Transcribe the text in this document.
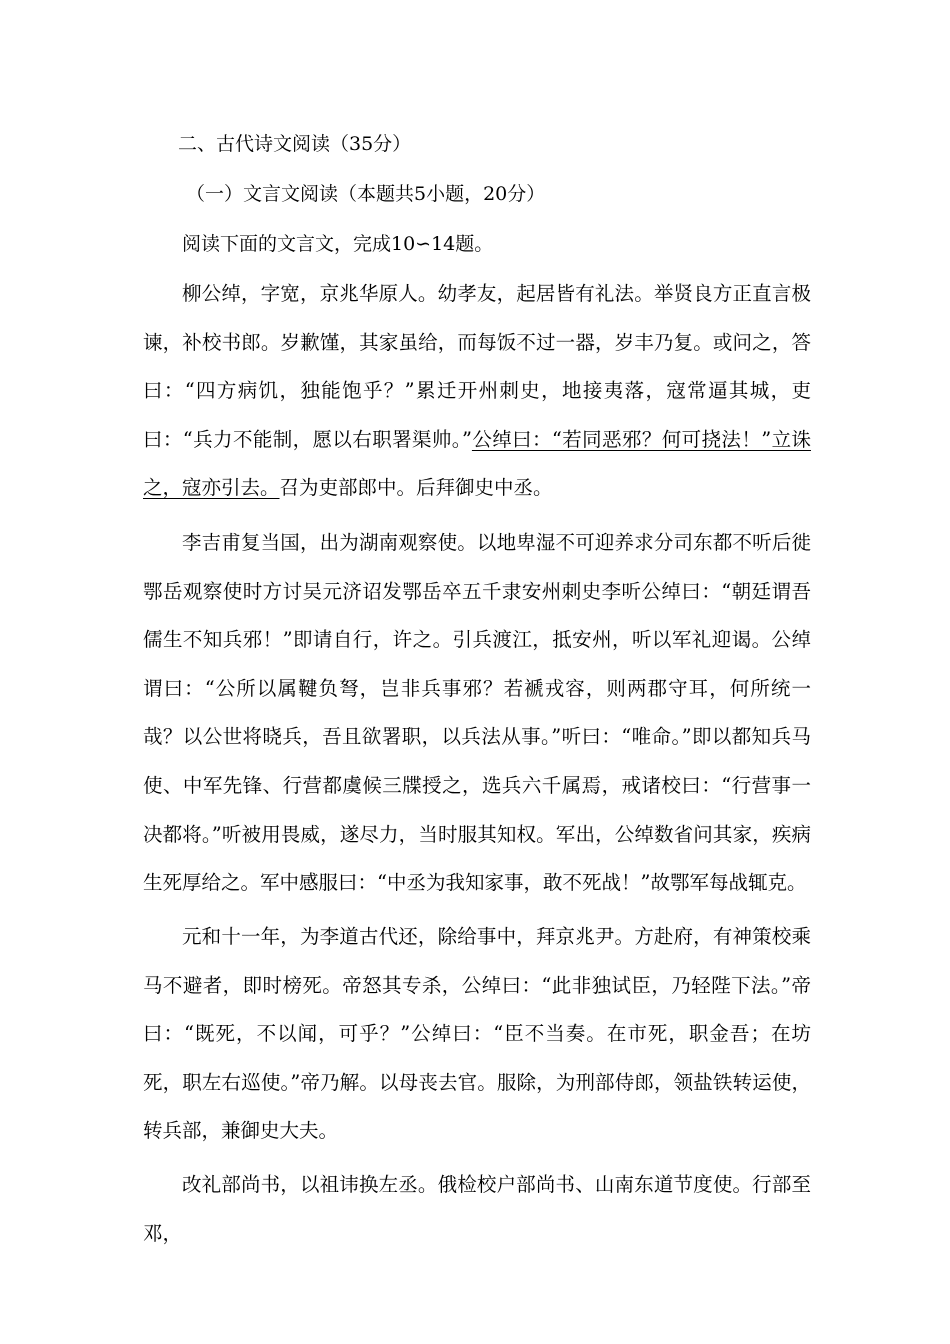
二、古代诗文阅读（35分）
（一）文言文阅读（本题共5小题，20分）
阅读下面的文言文，完成10∽14题。

柳公绰，字宽，京兆华原人。幼孝友，起居皆有礼法。举贤良方正直言极谏，补校书郎。岁歉馑，其家虽给，而每饭不过一器，岁丰乃复。或问之，答曰：“四方病饥，独能饱乎？”累迁开州刺史，地接夷落，寇常逼其城，吏曰：“兵力不能制，愿以右职署渠帅。”公绰曰：“若同恶邪？何可挠法！”立诛之，寇亦引去。召为吏部郎中。后拜御史中丞。

李吉甫复当国，出为湖南观察使。以地卑湿不可迎养求分司东都不听后徙鄂岳观察使时方讨吴元济诏发鄂岳卒五千隶安州刺史李听公绰曰：“朝廷谓吾儒生不知兵邪！”即请自行，许之。引兵渡江，抵安州，听以军礼迎谒。公绰谓曰：“公所以属鞬负弩，岂非兵事邪？若褫戎容，则两郡守耳，何所统一哉？以公世将晓兵，吾且欲署职，以兵法从事。”听曰：“唯命。”即以都知兵马使、中军先锋、行营都虞候三牒授之，选兵六千属焉，戒诸校曰：“行营事一决都将。”听被用畏威，遂尽力，当时服其知权。军出，公绰数省问其家，疾病生死厚给之。军中感服曰：“中丞为我知家事，敢不死战！”故鄂军每战辄克。

元和十一年，为李道古代还，除给事中，拜京兆尹。方赴府，有神策校乘马不避者，即时榜死。帝怒其专杀，公绰曰：“此非独试臣，乃轻陛下法。”帝曰：“既死，不以闻，可乎？”公绰曰：“臣不当奏。在市死，职金吾；在坊死，职左右巡使。”帝乃解。以母丧去官。服除，为刑部侍郎，领盐铁转运使，转兵部，兼御史大夫。

改礼部尚书，以祖讳换左丞。俄检校户部尚书、山南东道节度使。行部至邓，
